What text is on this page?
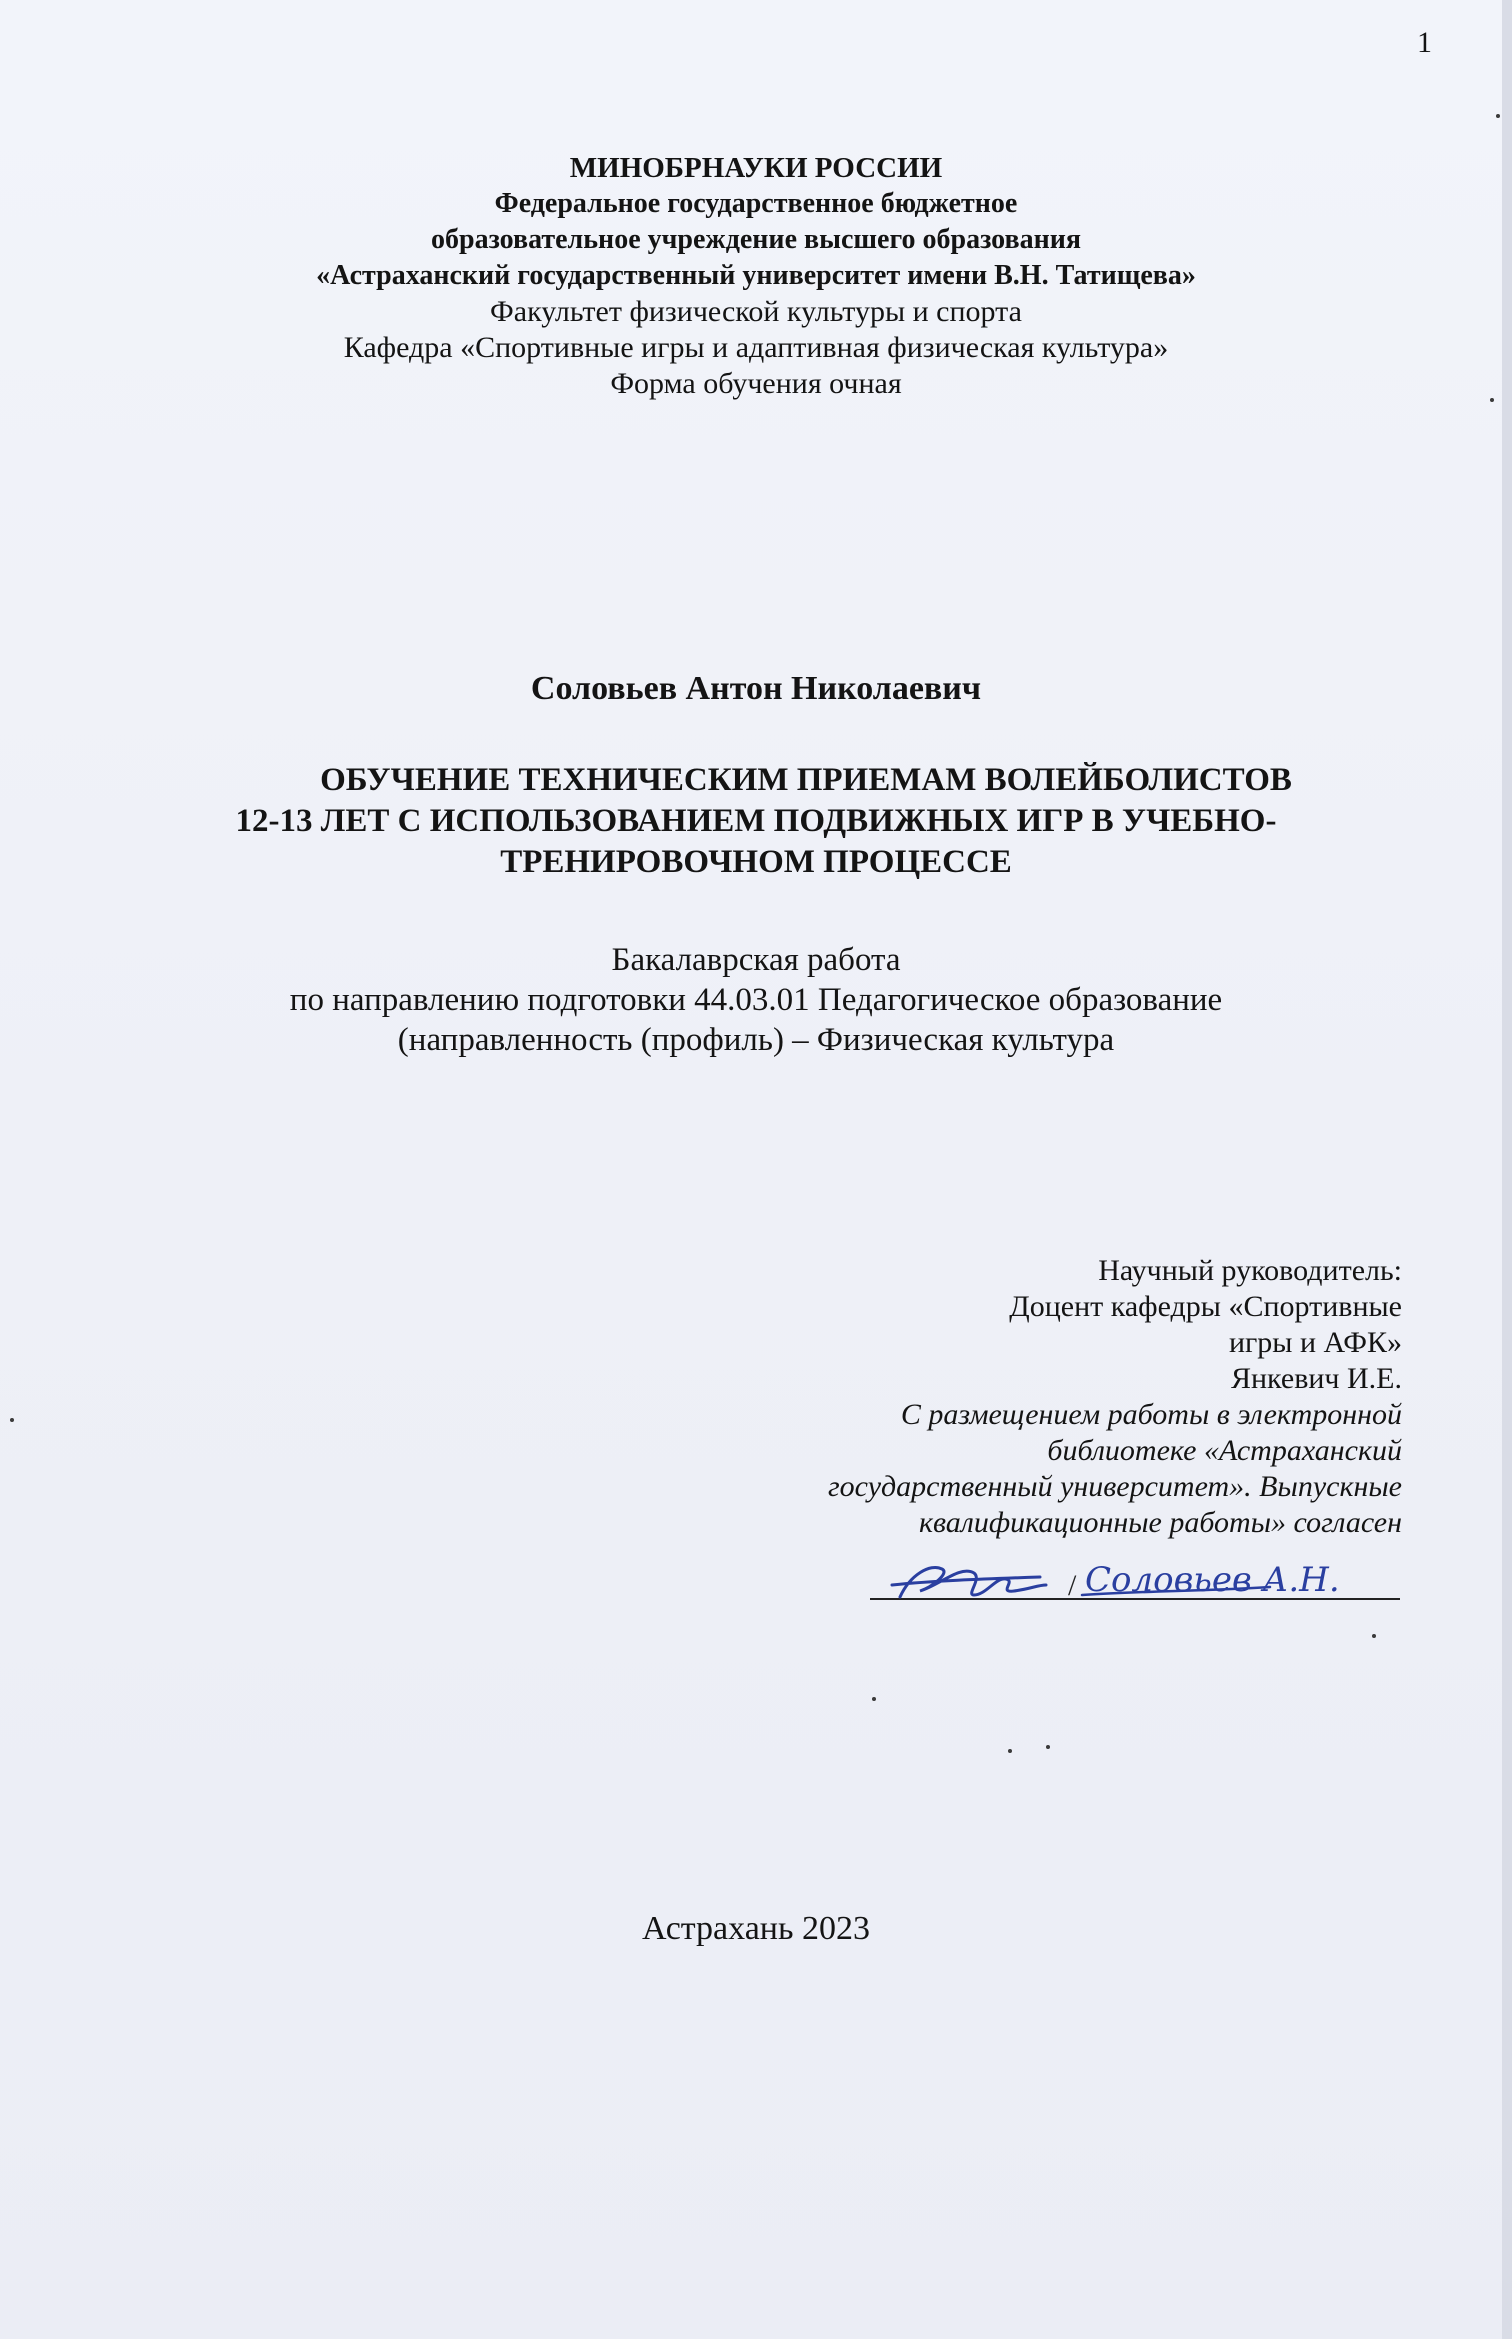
1
МИНОБРНАУКИ РОССИИ
Федеральное государственное бюджетное
образовательное учреждение высшего образования
«Астраханский государственный университет имени В.Н. Татищева»
Факультет физической культуры и спорта
Кафедра «Спортивные игры и адаптивная физическая культура»
Форма обучения очная
Соловьев Антон Николаевич
ОБУЧЕНИЕ ТЕХНИЧЕСКИМ ПРИЕМАМ ВОЛЕЙБОЛИСТОВ
12-13 ЛЕТ С ИСПОЛЬЗОВАНИЕМ ПОДВИЖНЫХ ИГР В УЧЕБНО-
ТРЕНИРОВОЧНОМ ПРОЦЕССЕ
Бакалаврская работа
по направлению подготовки 44.03.01 Педагогическое образование
(направленность (профиль) – Физическая культура
Научный руководитель:
Доцент кафедры «Спортивные
игры и АФК»
Янкевич И.Е.
С размещением работы в электронной
библиотеке «Астраханский
государственный университет». Выпускные
квалификационные работы» согласен
/ Соловьев А.Н.
Астрахань 2023
